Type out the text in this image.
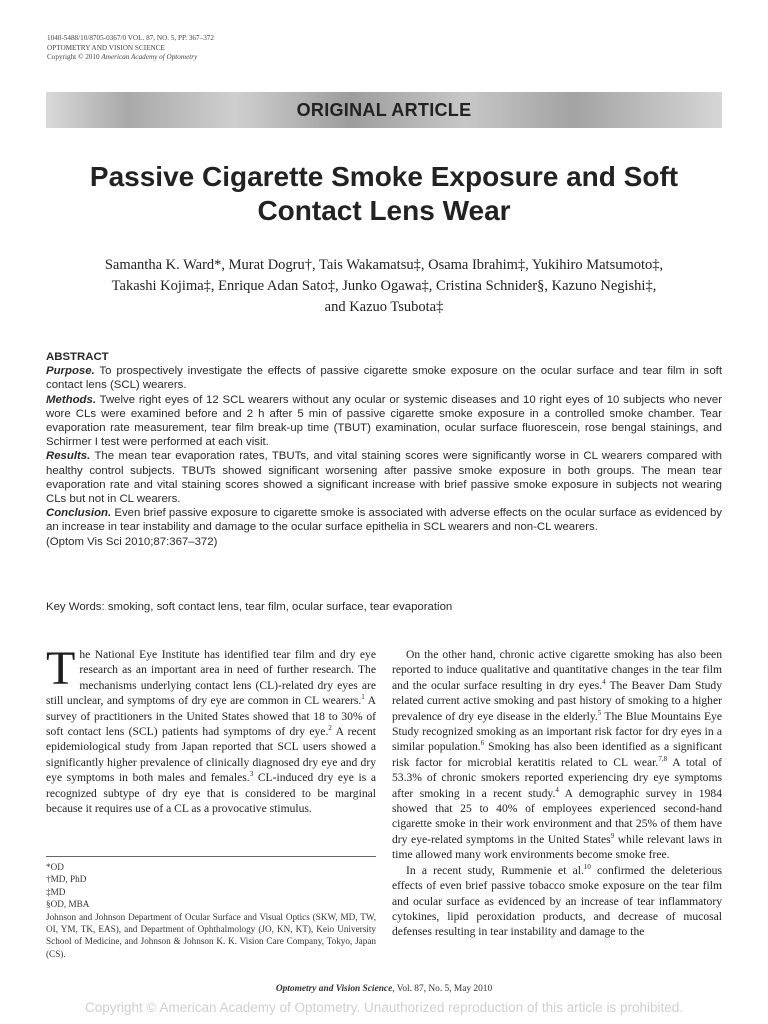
1040-5488/10/8705-0367/0 VOL. 87, NO. 5, PP. 367–372
OPTOMETRY AND VISION SCIENCE
Copyright © 2010 American Academy of Optometry
ORIGINAL ARTICLE
Passive Cigarette Smoke Exposure and Soft
Contact Lens Wear
Samantha K. Ward*, Murat Dogru†, Tais Wakamatsu‡, Osama Ibrahim‡, Yukihiro Matsumoto‡,
Takashi Kojima‡, Enrique Adan Sato‡, Junko Ogawa‡, Cristina Schnider§, Kazuno Negishi‡,
and Kazuo Tsubota‡
ABSTRACT

Purpose. To prospectively investigate the effects of passive cigarette smoke exposure on the ocular surface and tear film in soft contact lens (SCL) wearers.

Methods. Twelve right eyes of 12 SCL wearers without any ocular or systemic diseases and 10 right eyes of 10 subjects who never wore CLs were examined before and 2 h after 5 min of passive cigarette smoke exposure in a controlled smoke chamber. Tear evaporation rate measurement, tear film break-up time (TBUT) examination, ocular surface fluorescein, rose bengal stainings, and Schirmer I test were performed at each visit.

Results. The mean tear evaporation rates, TBUTs, and vital staining scores were significantly worse in CL wearers compared with healthy control subjects. TBUTs showed significant worsening after passive smoke exposure in both groups. The mean tear evaporation rate and vital staining scores showed a significant increase with brief passive smoke exposure in subjects not wearing CLs but not in CL wearers.

Conclusion. Even brief passive exposure to cigarette smoke is associated with adverse effects on the ocular surface as evidenced by an increase in tear instability and damage to the ocular surface epithelia in SCL wearers and non-CL wearers.

(Optom Vis Sci 2010;87:367–372)

Key Words: smoking, soft contact lens, tear film, ocular surface, tear evaporation

The National Eye Institute has identified tear film and dry eye research as an important area in need of further research. The mechanisms underlying contact lens (CL)-related dry eyes are still unclear, and symptoms of dry eye are common in CL wearers.$^1$ A survey of practitioners in the United States showed that 18 to 30% of soft contact lens (SCL) patients had symptoms of dry eye.$^2$ A recent epidemiological study from Japan reported that SCL users showed a significantly higher prevalence of clinically diagnosed dry eye and dry eye symptoms in both males and females.$^3$ CL-induced dry eye is a recognized subtype of dry eye that is considered to be marginal because it requires use of a CL as a provocative stimulus.

*OD
†MD, PhD
‡MD
§OD, MBA
Johnson and Johnson Department of Ocular Surface and Visual Optics (SKW, MD, TW, OI, YM, TK, EAS), and Department of Ophthalmology (JO, KN, KT), Keio University School of Medicine, and Johnson & Johnson K. K. Vision Care Company, Tokyo, Japan (CS).

On the other hand, chronic active cigarette smoking has also been reported to induce qualitative and quantitative changes in the tear film and the ocular surface resulting in dry eyes.$^4$ The Beaver Dam Study related current active smoking and past history of smoking to a higher prevalence of dry eye disease in the elderly.$^5$ The Blue Mountains Eye Study recognized smoking as an important risk factor for dry eyes in a similar population.$^6$ Smoking has also been identified as a significant risk factor for microbial keratitis related to CL wear.$^{7,8}$ A total of 53.3% of chronic smokers reported experiencing dry eye symptoms after smoking in a recent study.$^4$ A demographic survey in 1984 showed that 25 to 40% of employees experienced second-hand cigarette smoke in their work environment and that 25% of them have dry eye-related symptoms in the United States$^9$ while relevant laws in time allowed many work environments become smoke free.

In a recent study, Rummenie et al.$^{10}$ confirmed the deleterious effects of even brief passive tobacco smoke exposure on the tear film and ocular surface as evidenced by an increase of tear inflammatory cytokines, lipid peroxidation products, and decrease of mucosal defenses resulting in tear instability and damage to the

Optometry and Vision Science, Vol. 87, No. 5, May 2010
Copyright © American Academy of Optometry. Unauthorized reproduction of this article is prohibited.
